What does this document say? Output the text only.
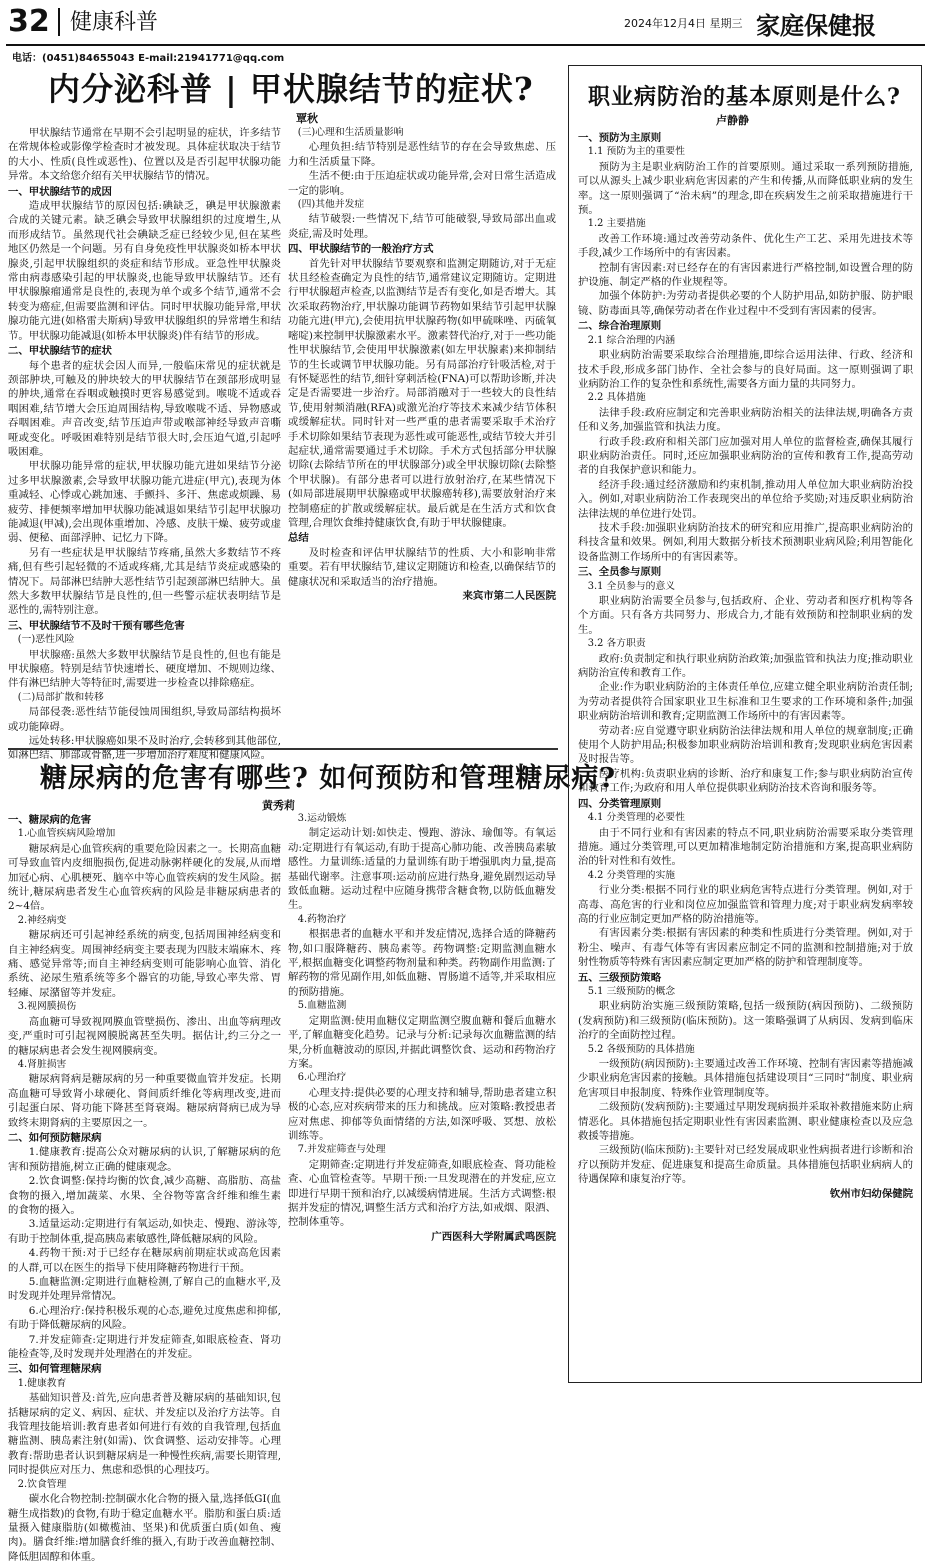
32 健康科普	2024年12月4日 星期三 家庭保健报
电话：(0451)84655043 E-mail:21941771@qq.com
内分泌科普 | 甲状腺结节的症状?
覃秋

甲状腺结节通常在早期不会引起明显的症状，许多结节在常规体检或影像学检查时才被发现。具体症状取决于结节的大小、性质(良性或恶性)、位置以及是否引起甲状腺功能异常。本文给您介绍有关甲状腺结节的情况。

一、甲状腺结节的成因

造成甲状腺结节的原因包括:碘缺乏，碘是甲状腺激素合成的关键元素。缺乏碘会导致甲状腺组织的过度增生,从而形成结节。虽然现代社会碘缺乏症已经较少见,但在某些地区仍然是一个问题。另有自身免疫性甲状腺炎如桥本甲状腺炎,引起甲状腺组织的炎症和结节形成。亚急性甲状腺炎常由病毒感染引起的甲状腺炎,也能导致甲状腺结节。还有甲状腺腺瘤通常是良性的,表现为单个或多个结节,通常不会转变为癌症,但需要监测和评估。同时甲状腺功能异常,甲状腺功能亢进(如格雷夫斯病)导致甲状腺组织的异常增生和结节。甲状腺功能减退(如桥本甲状腺炎)伴有结节的形成。

二、甲状腺结节的症状

每个患者的症状会因人而异,一般临床常见的症状就是颈部肿块,可触及的肿块较大的甲状腺结节在颈部形成明显的肿块,通常在吞咽或触摸时更容易感觉到。喉咙不适或吞咽困难,结节增大会压迫周围结构,导致喉咙不适、异物感或吞咽困难。声音改变,结节压迫声带或喉部神经导致声音嘶哑或变化。呼吸困难特别是结节很大时,会压迫气道,引起呼吸困难。

甲状腺功能异常的症状,甲状腺功能亢进如果结节分泌过多甲状腺激素,会导致甲状腺功能亢进症(甲亢),表现为体重减轻、心悸或心跳加速、手颤抖、多汗、焦虑或烦躁、易疲劳、排便频率增加甲状腺功能减退如果结节引起甲状腺功能减退(甲减),会出现体重增加、冷感、皮肤干燥、疲劳或虚弱、便秘、面部浮肿、记忆力下降。

另有一些症状是甲状腺结节疼痛,虽然大多数结节不疼痛,但有些引起轻微的不适或疼痛,尤其是结节炎症或感染的情况下。局部淋巴结肿大恶性结节引起颈部淋巴结肿大。虽然大多数甲状腺结节是良性的,但一些警示症状表明结节是恶性的,需特别注意。

三、甲状腺结节不及时干预有哪些危害

(一)恶性风险

甲状腺癌:虽然大多数甲状腺结节是良性的,但也有能是甲状腺癌。特别是结节快速增长、硬度增加、不规则边缘、伴有淋巴结肿大等特征时,需要进一步检查以排除癌症。

(二)局部扩散和转移

局部侵袭:恶性结节能侵蚀周围组织,导致局部结构损坏或功能障碍。

远处转移:甲状腺癌如果不及时治疗,会转移到其他部位,如淋巴结、肺部或骨骼,进一步增加治疗难度和健康风险。

(三)心理和生活质量影响

心理负担:结节特别是恶性结节的存在会导致焦虑、压力和生活质量下降。

生活不便:由于压迫症状或功能异常,会对日常生活造成一定的影响。

(四)其他并发症

结节破裂:一些情况下,结节可能破裂,导致局部出血或炎症,需及时处理。

四、甲状腺结节的一般治疗方式

首先针对甲状腺结节要观察和监测定期随访,对于无症状且经检查确定为良性的结节,通常建议定期随访。定期进行甲状腺超声检查,以监测结节是否有变化,如是否增大。其次采取药物治疗,甲状腺功能调节药物如果结节引起甲状腺功能亢进(甲亢),会使用抗甲状腺药物(如甲硫咪唑、丙硫氧嘧啶)来控制甲状腺激素水平。激素替代治疗,对于一些功能性甲状腺结节,会使用甲状腺激素(如左甲状腺素)来抑制结节的生长或调节甲状腺功能。另有局部治疗针吸活检,对于有怀疑恶性的结节,细针穿刺活检(FNA)可以帮助诊断,并决定是否需要进一步治疗。局部消融对于一些较大的良性结节,使用射频消融(RFA)或激光治疗等技术来减少结节体积或缓解症状。同时针对一些严重的患者需要采取手术治疗手术切除如果结节表现为恶性或可能恶性,或结节较大并引起症状,通常需要通过手术切除。手术方式包括部分甲状腺切除(去除结节所在的甲状腺部分)或全甲状腺切除(去除整个甲状腺)。有部分患者可以进行放射治疗,在某些情况下(如局部进展期甲状腺癌或甲状腺癌转移),需要放射治疗来控制癌症的扩散或缓解症状。最后就是在生活方式和饮食管理,合理饮食维持健康饮食,有助于甲状腺健康。

总结

及时检查和评估甲状腺结节的性质、大小和影响非常重要。若有甲状腺结节,建议定期随访和检查,以确保结节的健康状况和采取适当的治疗措施。

来宾市第二人民医院

糖尿病的危害有哪些? 如何预防和管理糖尿病?
黄秀莉

一、糖尿病的危害

1.心血管疾病风险增加

糖尿病是心血管疾病的重要危险因素之一。长期高血糖可导致血管内皮细胞损伤,促进动脉粥样硬化的发展,从而增加冠心病、心肌梗死、脑卒中等心血管疾病的发生风险。据统计,糖尿病患者发生心血管疾病的风险是非糖尿病患者的2~4倍。

2.神经病变

糖尿病还可引起神经系统的病变,包括周围神经病变和自主神经病变。周围神经病变主要表现为四肢末端麻木、疼痛、感觉异常等;而自主神经病变则可能影响心血管、消化系统、泌尿生殖系统等多个器官的功能,导致心率失常、胃轻瘫、尿潴留等并发症。

3.视网膜损伤

高血糖可导致视网膜血管壁损伤、渗出、出血等病理改变,严重时可引起视网膜脱离甚至失明。据估计,约三分之一的糖尿病患者会发生视网膜病变。

4.肾脏损害

糖尿病肾病是糖尿病的另一种重要微血管并发症。长期高血糖可导致肾小球硬化、肾间质纤维化等病理改变,进而引起蛋白尿、肾功能下降甚至肾衰竭。糖尿病肾病已成为导致终末期肾病的主要原因之一。

二、如何预防糖尿病

1.健康教育:提高公众对糖尿病的认识,了解糖尿病的危害和预防措施,树立正确的健康观念。

2.饮食调整:保持均衡的饮食,减少高糖、高脂肪、高盐食物的摄入,增加蔬菜、水果、全谷物等富含纤维和维生素的食物的摄入。

3.适量运动:定期进行有氧运动,如快走、慢跑、游泳等,有助于控制体重,提高胰岛素敏感性,降低糖尿病的风险。

4.药物干预:对于已经存在糖尿病前期症状或高危因素的人群,可以在医生的指导下使用降糖药物进行干预。

5.血糖监测:定期进行血糖检测,了解自己的血糖水平,及时发现并处理异常情况。

6.心理治疗:保持积极乐观的心态,避免过度焦虑和抑郁,有助于降低糖尿病的风险。

7.并发症筛查:定期进行并发症筛查,如眼底检查、肾功能检查等,及时发现并处理潜在的并发症。

三、如何管理糖尿病

1.健康教育

基础知识普及:首先,应向患者普及糖尿病的基础知识,包括糖尿病的定义、病因、症状、并发症以及治疗方法等。自我管理技能培训:教育患者如何进行有效的自我管理,包括血糖监测、胰岛素注射(如需)、饮食调整、运动安排等。心理教育:帮助患者认识到糖尿病是一种慢性疾病,需要长期管理,同时提供应对压力、焦虑和恐惧的心理技巧。

2.饮食管理

碳水化合物控制:控制碳水化合物的摄入量,选择低GI(血糖生成指数)的食物,有助于稳定血糖水平。脂肪和蛋白质:适量摄入健康脂肪(如橄榄油、坚果)和优质蛋白质(如鱼、瘦肉)。膳食纤维:增加膳食纤维的摄入,有助于改善血糖控制、降低胆固醇和体重。

3.运动锻炼

制定运动计划:如快走、慢跑、游泳、瑜伽等。有氧运动:定期进行有氧运动,有助于提高心肺功能、改善胰岛素敏感性。力量训练:适量的力量训练有助于增强肌肉力量,提高基础代谢率。注意事项:运动前应进行热身,避免剧烈运动导致低血糖。运动过程中应随身携带含糖食物,以防低血糖发生。

4.药物治疗

根据患者的血糖水平和并发症情况,选择合适的降糖药物,如口服降糖药、胰岛素等。药物调整:定期监测血糖水平,根据血糖变化调整药物剂量和种类。药物副作用监测:了解药物的常见副作用,如低血糖、胃肠道不适等,并采取相应的预防措施。

5.血糖监测

定期监测:使用血糖仪定期监测空腹血糖和餐后血糖水平,了解血糖变化趋势。记录与分析:记录每次血糖监测的结果,分析血糖波动的原因,并据此调整饮食、运动和药物治疗方案。

6.心理治疗

心理支持:提供必要的心理支持和辅导,帮助患者建立积极的心态,应对疾病带来的压力和挑战。应对策略:教授患者应对焦虑、抑郁等负面情绪的方法,如深呼吸、冥想、放松训练等。

7.并发症筛查与处理

定期筛查:定期进行并发症筛查,如眼底检查、肾功能检查、心血管检查等。早期干预:一旦发现潜在的并发症,应立即进行早期干预和治疗,以减缓病情进展。生活方式调整:根据并发症的情况,调整生活方式和治疗方法,如戒烟、限酒、控制体重等。

广西医科大学附属武鸣医院

职业病防治的基本原则是什么?
卢静静

一、预防为主原则

1.1 预防为主的重要性

预防为主是职业病防治工作的首要原则。通过采取一系列预防措施,可以从源头上减少职业病危害因素的产生和传播,从而降低职业病的发生率。这一原则强调了“治未病”的理念,即在疾病发生之前采取措施进行干预。

1.2 主要措施

改善工作环境:通过改善劳动条件、优化生产工艺、采用先进技术等手段,减少工作场所中的有害因素。

控制有害因素:对已经存在的有害因素进行严格控制,如设置合理的防护设施、制定严格的作业规程等。

加强个体防护:为劳动者提供必要的个人防护用品,如防护服、防护眼镜、防毒面具等,确保劳动者在作业过程中不受到有害因素的侵害。

二、综合治理原则

2.1 综合治理的内涵

职业病防治需要采取综合治理措施,即综合运用法律、行政、经济和技术手段,形成多部门协作、全社会参与的良好局面。这一原则强调了职业病防治工作的复杂性和系统性,需要各方面力量的共同努力。

2.2 具体措施

法律手段:政府应制定和完善职业病防治相关的法律法规,明确各方责任和义务,加强监管和执法力度。

行政手段:政府和相关部门应加强对用人单位的监督检查,确保其履行职业病防治责任。同时,还应加强职业病防治的宣传和教育工作,提高劳动者的自我保护意识和能力。

经济手段:通过经济激励和约束机制,推动用人单位加大职业病防治投入。例如,对职业病防治工作表现突出的单位给予奖励;对违反职业病防治法律法规的单位进行处罚。

技术手段:加强职业病防治技术的研究和应用推广,提高职业病防治的科技含量和效果。例如,利用大数据分析技术预测职业病风险;利用智能化设备监测工作场所中的有害因素等。

三、全员参与原则

3.1 全员参与的意义

职业病防治需要全员参与,包括政府、企业、劳动者和医疗机构等各个方面。只有各方共同努力、形成合力,才能有效预防和控制职业病的发生。

3.2 各方职责

政府:负责制定和执行职业病防治政策;加强监管和执法力度;推动职业病防治宣传和教育工作。

企业:作为职业病防治的主体责任单位,应建立健全职业病防治责任制;为劳动者提供符合国家职业卫生标准和卫生要求的工作环境和条件;加强职业病防治培训和教育;定期监测工作场所中的有害因素等。

劳动者:应自觉遵守职业病防治法律法规和用人单位的规章制度;正确使用个人防护用品;积极参加职业病防治培训和教育;发现职业病危害因素及时报告等。

医疗机构:负责职业病的诊断、治疗和康复工作;参与职业病防治宣传和教育工作;为政府和用人单位提供职业病防治技术咨询和服务等。

四、分类管理原则

4.1 分类管理的必要性

由于不同行业和有害因素的特点不同,职业病防治需要采取分类管理措施。通过分类管理,可以更加精准地制定防治措施和方案,提高职业病防治的针对性和有效性。

4.2 分类管理的实施

行业分类:根据不同行业的职业病危害特点进行分类管理。例如,对于高毒、高危害的行业和岗位应加强监管和管理力度;对于职业病发病率较高的行业应制定更加严格的防治措施等。

有害因素分类:根据有害因素的种类和性质进行分类管理。例如,对于粉尘、噪声、有毒气体等有害因素应制定不同的监测和控制措施;对于放射性物质等特殊有害因素应制定更加严格的防护和管理制度等。

五、三级预防策略

5.1 三级预防的概念

职业病防治实施三级预防策略,包括一级预防(病因预防)、二级预防(发病预防)和三级预防(临床预防)。这一策略强调了从病因、发病到临床治疗的全面防控过程。

5.2 各级预防的具体措施

一级预防(病因预防):主要通过改善工作环境、控制有害因素等措施减少职业病危害因素的接触。具体措施包括建设项目“三同时”制度、职业病危害项目申报制度、特殊作业管理制度等。

二级预防(发病预防):主要通过早期发现病损并采取补救措施来防止病情恶化。具体措施包括定期职业性有害因素监测、职业健康检查以及应急救援等措施。

三级预防(临床预防):主要针对已经发展成职业性病损者进行诊断和治疗以预防并发症、促进康复和提高生命质量。具体措施包括职业病病人的待遇保障和康复治疗等。

钦州市妇幼保健院
